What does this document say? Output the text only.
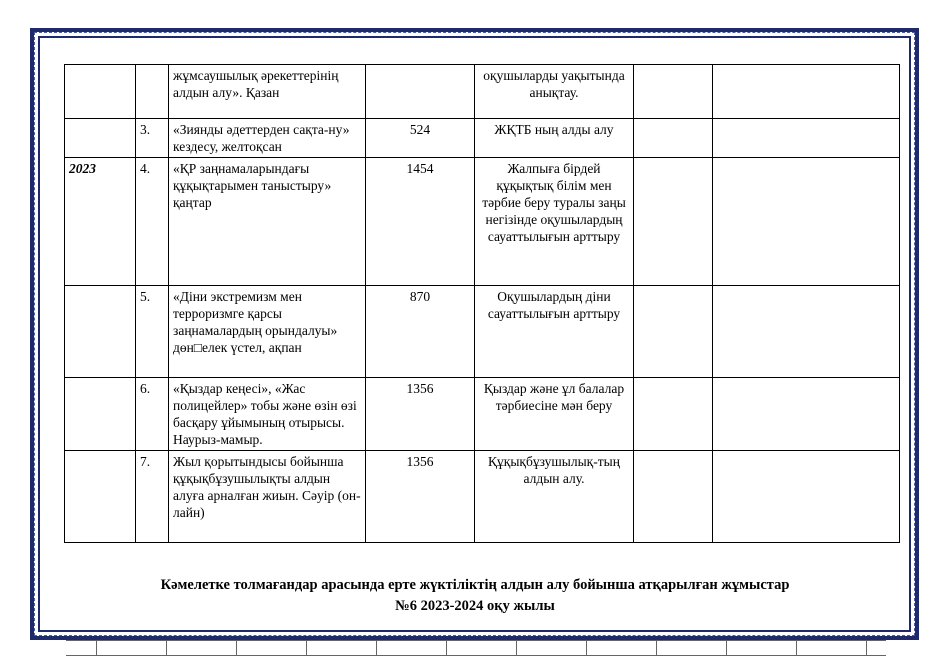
		жұмсаушылық әрекеттерінің алдын алу». Қазан		оқушыларды уақытында анықтау.		
	3.	«Зиянды әдеттерден сақта-ну» кездесу, желтоқсан	524	ЖҚТБ ның алды алу		
2023	4.	«ҚР заңнамаларындағы құқықтарымен таныстыру» қаңтар	1454	Жалпыға бірдей құқықтық білім мен тәрбие беру туралы заңы негізінде оқушылардың сауаттылығын арттыру		
	5.	«Діни экстремизм мен терроризмге қарсы заңнамалардың орындалуы» дөн□елек үстел, ақпан	870	Оқушылардың діни сауаттылығын арттыру		
	6.	«Қыздар кеңесі», «Жас полицейлер» тобы және өзін өзі басқару ұйымының отырысы. Наурыз-мамыр.	1356	Қыздар және ұл балалар тәрбиесіне мән беру		
	7.	Жыл қорытындысы бойынша құқықбұзушылықты алдын алуға арналған жиын. Сәуір (он-лайн)	1356	Құқықбұзушылық-тың алдын алу.		
Кәмелетке толмағандар арасында ерте жүктіліктің алдын алу бойынша атқарылған жұмыстар
№6 2023-2024 оқу жылы
